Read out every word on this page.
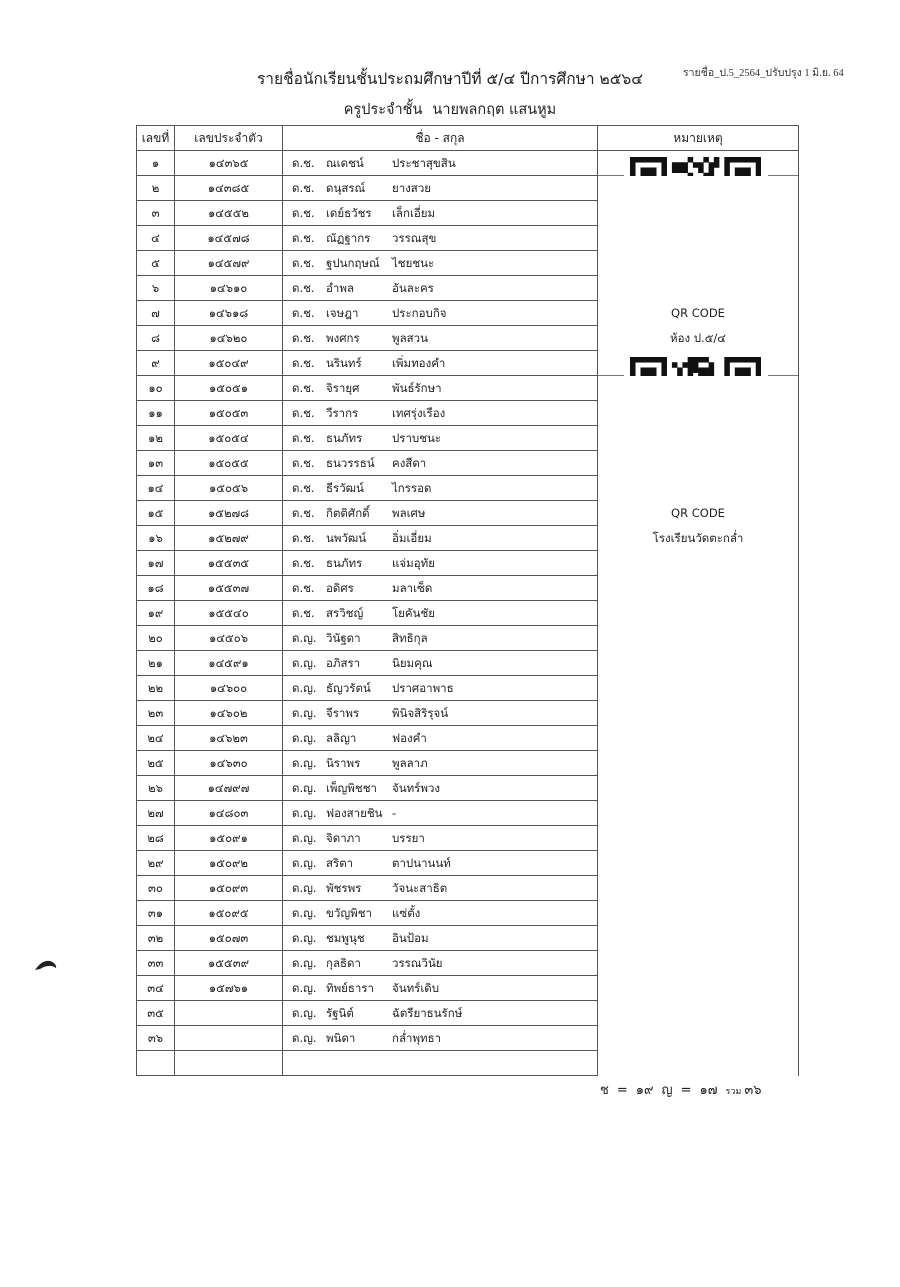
รายชื่อ_ป.5_2564_ปรับปรุง 1 มิ.ย. 64
รายชื่อนักเรียนชั้นประถมศึกษาปีที่ ๕/๔ ปีการศึกษา ๒๕๖๔
ครูประจำชั้น นายพลกฤต แสนหูม
เลขที่	เลขประจำตัว	ชื่อ - สกุล	หมายเหตุ
๑	๑๔๓๖๕	ด.ช. ณเดชน์ ประชาสุขสิน	

๒	๑๔๓๘๕	ด.ช. ดนุสรณ์ ยางสวย	
๓	๑๔๕๕๒	ด.ช. เดย์ธวัชร เล็กเอี่ยม	
๔	๑๔๕๗๘	ด.ช. ณัฏฐากร วรรณสุข	
๕	๑๔๕๗๙	ด.ช. ฐปนกฤษณ์ ไชยชนะ	
๖	๑๔๖๑๐	ด.ช. อำพล อันละคร	
๗	๑๔๖๑๘	ด.ช. เจษฎา ประกอบกิจ	QR CODE
๘	๑๔๖๒๐	ด.ช. พงศกร พูลสวน	ห้อง ป.๕/๔
๙	๑๕๐๔๙	ด.ช. นรินทร์ เพิ่มทองคำ	

๑๐	๑๕๐๕๑	ด.ช. จิรายุศ พันธ์รักษา	
๑๑	๑๕๐๕๓	ด.ช. วีรากร เทศรุ่งเรือง	
๑๒	๑๕๐๕๔	ด.ช. ธนภัทร ปราบชนะ	
๑๓	๑๕๐๕๕	ด.ช. ธนวรรธน์ คงสีดา	
๑๔	๑๕๐๕๖	ด.ช. ธีรวัฒน์ ไกรรอด	
๑๕	๑๕๒๗๘	ด.ช. กิตติศักดิ์ พลเศษ	QR CODE
๑๖	๑๕๒๗๙	ด.ช. นพวัฒน์ อิ่มเอี่ยม	โรงเรียนวัดตะกล่ำ
๑๗	๑๕๕๓๕	ด.ช. ธนภัทร แจ่มอุทัย	
๑๘	๑๕๕๓๗	ด.ช. อดิศร มลาเซ็ด	
๑๙	๑๕๕๔๐	ด.ช. สรวิชญ์ โยคันชัย	
๒๐	๑๔๕๐๖	ด.ญ. วินัฐดา สิทธิกุล	
๒๑	๑๔๕๙๑	ด.ญ. อภิสรา นิยมคุณ	
๒๒	๑๔๖๐๐	ด.ญ. ธัญวรัตน์ ปราศอาพาธ	
๒๓	๑๔๖๐๒	ด.ญ. จีราพร พินิจสิริรุจน์	
๒๔	๑๔๖๒๓	ด.ญ. ลลิญา ฟองคำ	
๒๕	๑๔๖๓๐	ด.ญ. นิราพร พูลลาภ	
๒๖	๑๔๗๙๗	ด.ญ. เพ็ญพิชชา จันทร์พวง	
๒๗	๑๔๘๐๓	ด.ญ. ฟองสายชิน -	
๒๘	๑๕๐๙๑	ด.ญ. จิดาภา บรรยา	
๒๙	๑๕๐๙๒	ด.ญ. สริตา ตาปนานนท์	
๓๐	๑๕๐๙๓	ด.ญ. พัชรพร วัจนะสาธิต	
๓๑	๑๕๐๙๕	ด.ญ. ขวัญพิชา แซ่ตั้ง	
๓๒	๑๕๐๗๓	ด.ญ. ชมพูนุช อินป้อม	
๓๓	๑๕๕๓๙	ด.ญ. กุลธิดา วรรณวินัย	
๓๔	๑๕๗๖๑	ด.ญ. ทิพย์ธารา จันทร์เดิบ	
๓๕		ด.ญ. รัฐนิต์ ฉัตรียาธนรักษ์	
๓๖		ด.ญ. พนิดา กล่ำพุทธา	

ช = ๑๙ ญ = ๑๗ รวม ๓๖
